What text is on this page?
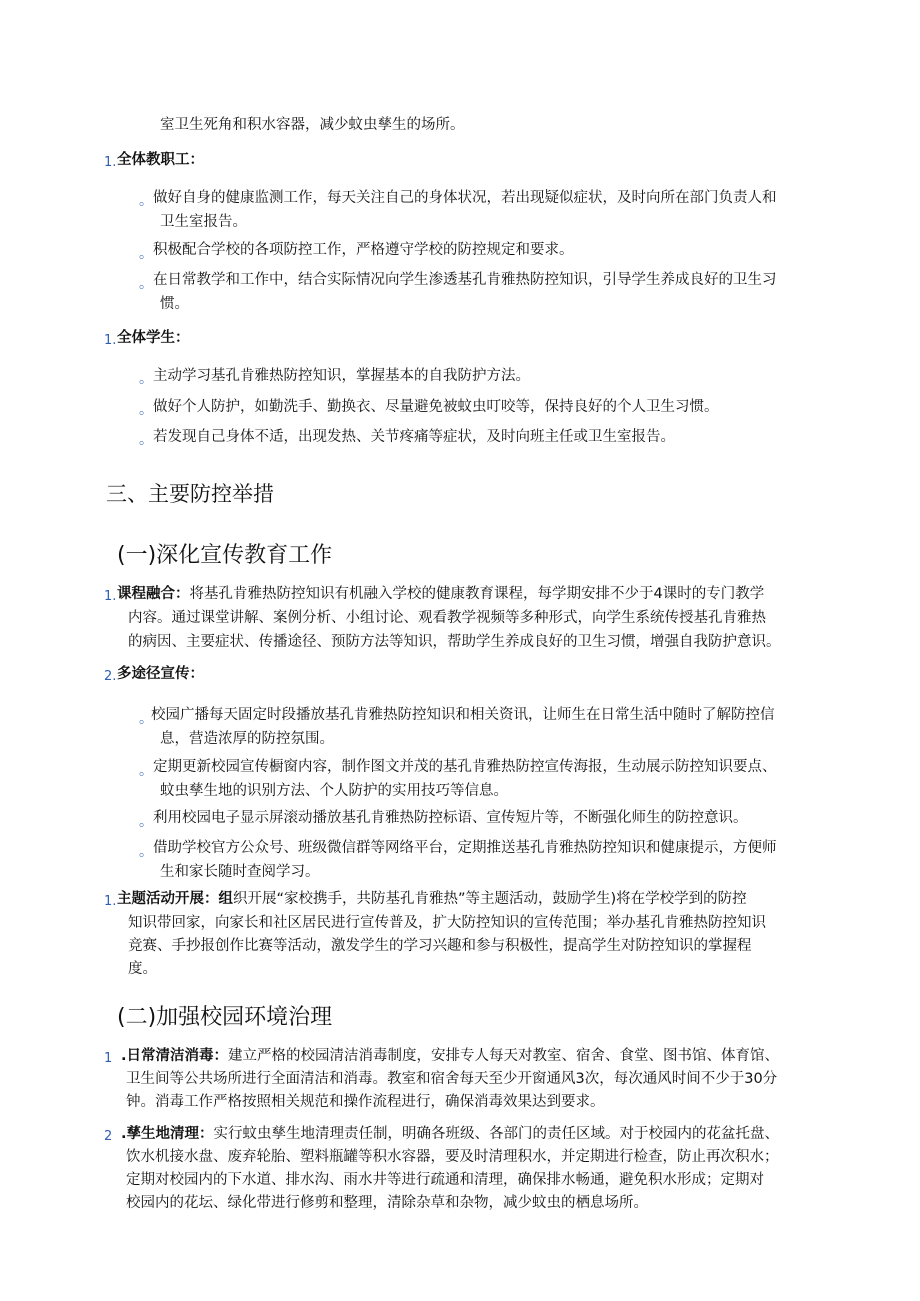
室卫生死角和积水容器，减少蚊虫孳生的场所。
1. 全体教职工：
。 做好自身的健康监测工作，每天关注自己的身体状况，若出现疑似症状，及时向所在部门负责人和
卫生室报告。
。 积极配合学校的各项防控工作，严格遵守学校的防控规定和要求。
。 在日常教学和工作中，结合实际情况向学生渗透基孔肯雅热防控知识，引导学生养成良好的卫生习
惯。
1. 全体学生：
。 主动学习基孔肯雅热防控知识，掌握基本的自我防护方法。
。 做好个人防护，如勤洗手、勤换衣、尽量避免被蚊虫叮咬等，保持良好的个人卫生习惯。
。 若发现自己身体不适，出现发热、关节疼痛等症状，及时向班主任或卫生室报告。
三、主要防控举措
(一)深化宣传教育工作
1. 课程融合：将基孔肯雅热防控知识有机融入学校的健康教育课程，每学期安排不少于4课时的专门教学
内容。通过课堂讲解、案例分析、小组讨论、观看教学视频等多种形式，向学生系统传授基孔肯雅热
的病因、主要症状、传播途径、预防方法等知识，帮助学生养成良好的卫生习惯，增强自我防护意识。
2. 多途径宣传：
。
校园广播每天固定时段播放基孔肯雅热防控知识和相关资讯，让师生在日常生活中随时了解防控信
息，营造浓厚的防控氛围。
。 定期更新校园宣传橱窗内容，制作图文并茂的基孔肯雅热防控宣传海报，生动展示防控知识要点、
蚊虫孳生地的识别方法、个人防护的实用技巧等信息。
。 利用校园电子显示屏滚动播放基孔肯雅热防控标语、宣传短片等，不断强化师生的防控意识。
。 借助学校官方公众号、班级微信群等网络平台，定期推送基孔肯雅热防控知识和健康提示，方便师
生和家长随时查阅学习。
1. 主题活动开展：组织开展“家校携手，共防基孔肯雅热”等主题活动，鼓励学生)将在学校学到的防控
知识带回家，向家长和社区居民进行宣传普及，扩大防控知识的宣传范围；举办基孔肯雅热防控知识
竞赛、手抄报创作比赛等活动，激发学生的学习兴趣和参与积极性，提高学生对防控知识的掌握程
度。
(二)加强校园环境治理
1 .日常清洁消毒：建立严格的校园清洁消毒制度，安排专人每天对教室、宿舍、食堂、图书馆、体育馆、
卫生间等公共场所进行全面清洁和消毒。教室和宿舍每天至少开窗通风3次，每次通风时间不少于30分
钟。消毒工作严格按照相关规范和操作流程进行，确保消毒效果达到要求。
2 .孳生地清理：实行蚊虫孳生地清理责任制，明确各班级、各部门的责任区域。对于校园内的花盆托盘、
饮水机接水盘、废弃轮胎、塑料瓶罐等积水容器，要及时清理积水，并定期进行检查，防止再次积水；
定期对校园内的下水道、排水沟、雨水井等进行疏通和清理，确保排水畅通，避免积水形成；定期对
校园内的花坛、绿化带进行修剪和整理，清除杂草和杂物，减少蚊虫的栖息场所。
